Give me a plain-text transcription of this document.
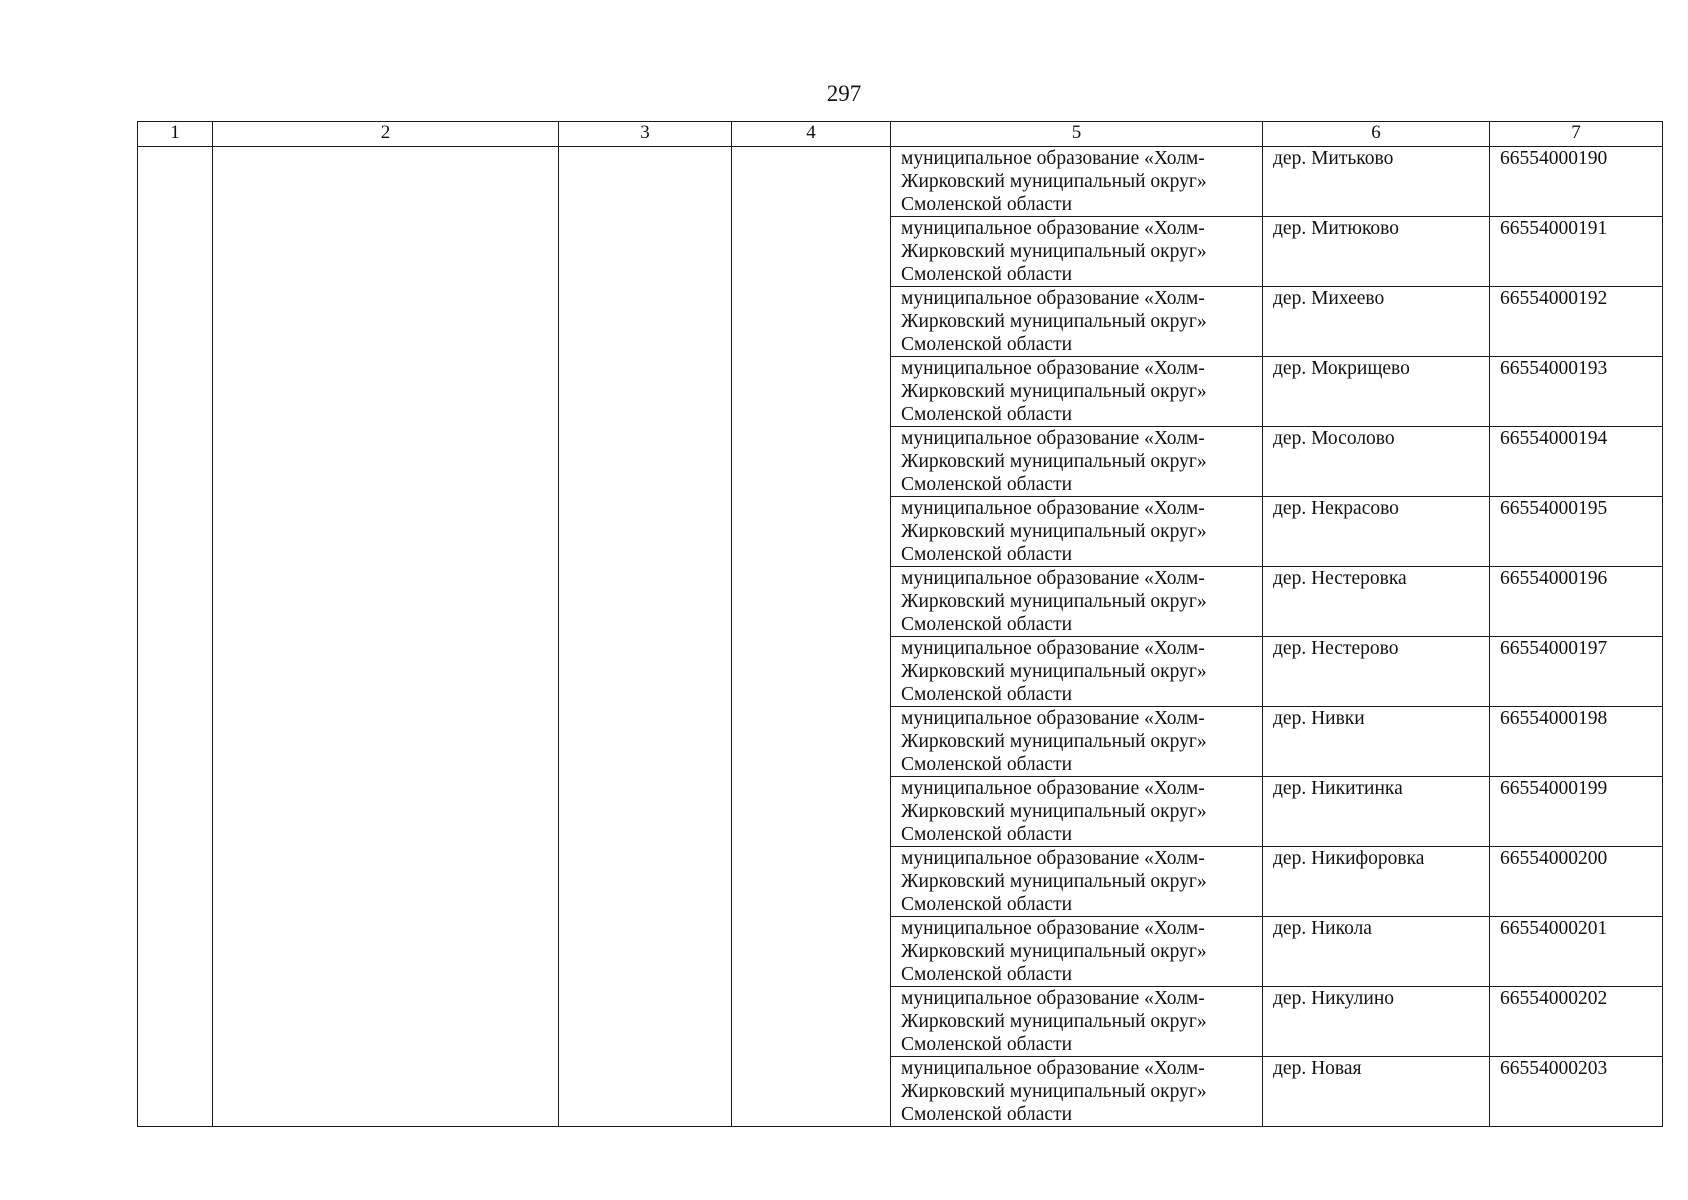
297
1	2	3	4	5	6	7
				муниципальное образование «Холм-Жирковский муниципальный округ» Смоленской области	дер. Митьково	66554000190
				муниципальное образование «Холм-Жирковский муниципальный округ» Смоленской области	дер. Митюково	66554000191
				муниципальное образование «Холм-Жирковский муниципальный округ» Смоленской области	дер. Михеево	66554000192
				муниципальное образование «Холм-Жирковский муниципальный округ» Смоленской области	дер. Мокрищево	66554000193
				муниципальное образование «Холм-Жирковский муниципальный округ» Смоленской области	дер. Мосолово	66554000194
				муниципальное образование «Холм-Жирковский муниципальный округ» Смоленской области	дер. Некрасово	66554000195
				муниципальное образование «Холм-Жирковский муниципальный округ» Смоленской области	дер. Нестеровка	66554000196
				муниципальное образование «Холм-Жирковский муниципальный округ» Смоленской области	дер. Нестерово	66554000197
				муниципальное образование «Холм-Жирковский муниципальный округ» Смоленской области	дер. Нивки	66554000198
				муниципальное образование «Холм-Жирковский муниципальный округ» Смоленской области	дер. Никитинка	66554000199
				муниципальное образование «Холм-Жирковский муниципальный округ» Смоленской области	дер. Никифоровка	66554000200
				муниципальное образование «Холм-Жирковский муниципальный округ» Смоленской области	дер. Никола	66554000201
				муниципальное образование «Холм-Жирковский муниципальный округ» Смоленской области	дер. Никулино	66554000202
				муниципальное образование «Холм-Жирковский муниципальный округ» Смоленской области	дер. Новая	66554000203
